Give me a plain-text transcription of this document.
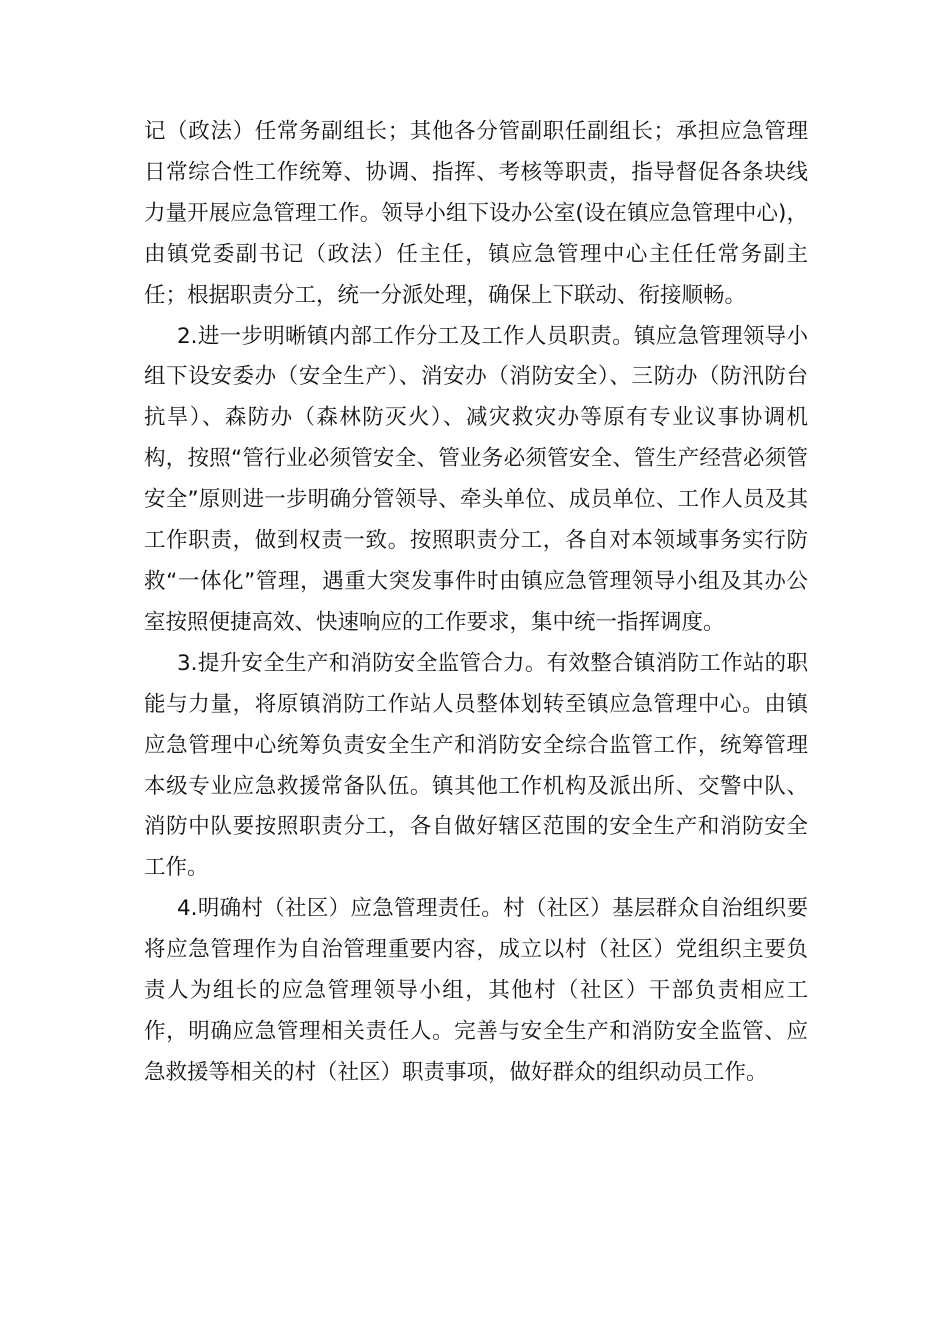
记（政法）任常务副组长；其他各分管副职任副组长；承担应急管理日常综合性工作统筹、协调、指挥、考核等职责，指导督促各条块线力量开展应急管理工作。领导小组下设办公室(设在镇应急管理中心)，由镇党委副书记（政法）任主任，镇应急管理中心主任任常务副主任；根据职责分工，统一分派处理，确保上下联动、衔接顺畅。

2.进一步明晰镇内部工作分工及工作人员职责。镇应急管理领导小组下设安委办（安全生产）、消安办（消防安全）、三防办（防汛防台抗旱）、森防办（森林防灭火）、减灾救灾办等原有专业议事协调机构，按照“管行业必须管安全、管业务必须管安全、管生产经营必须管安全”原则进一步明确分管领导、牵头单位、成员单位、工作人员及其工作职责，做到权责一致。按照职责分工，各自对本领域事务实行防救“一体化”管理，遇重大突发事件时由镇应急管理领导小组及其办公室按照便捷高效、快速响应的工作要求，集中统一指挥调度。

3.提升安全生产和消防安全监管合力。有效整合镇消防工作站的职能与力量，将原镇消防工作站人员整体划转至镇应急管理中心。由镇应急管理中心统筹负责安全生产和消防安全综合监管工作，统筹管理本级专业应急救援常备队伍。镇其他工作机构及派出所、交警中队、消防中队要按照职责分工，各自做好辖区范围的安全生产和消防安全工作。

4.明确村（社区）应急管理责任。村（社区）基层群众自治组织要将应急管理作为自治管理重要内容，成立以村（社区）党组织主要负责人为组长的应急管理领导小组，其他村（社区）干部负责相应工作，明确应急管理相关责任人。完善与安全生产和消防安全监管、应急救援等相关的村（社区）职责事项，做好群众的组织动员工作。
